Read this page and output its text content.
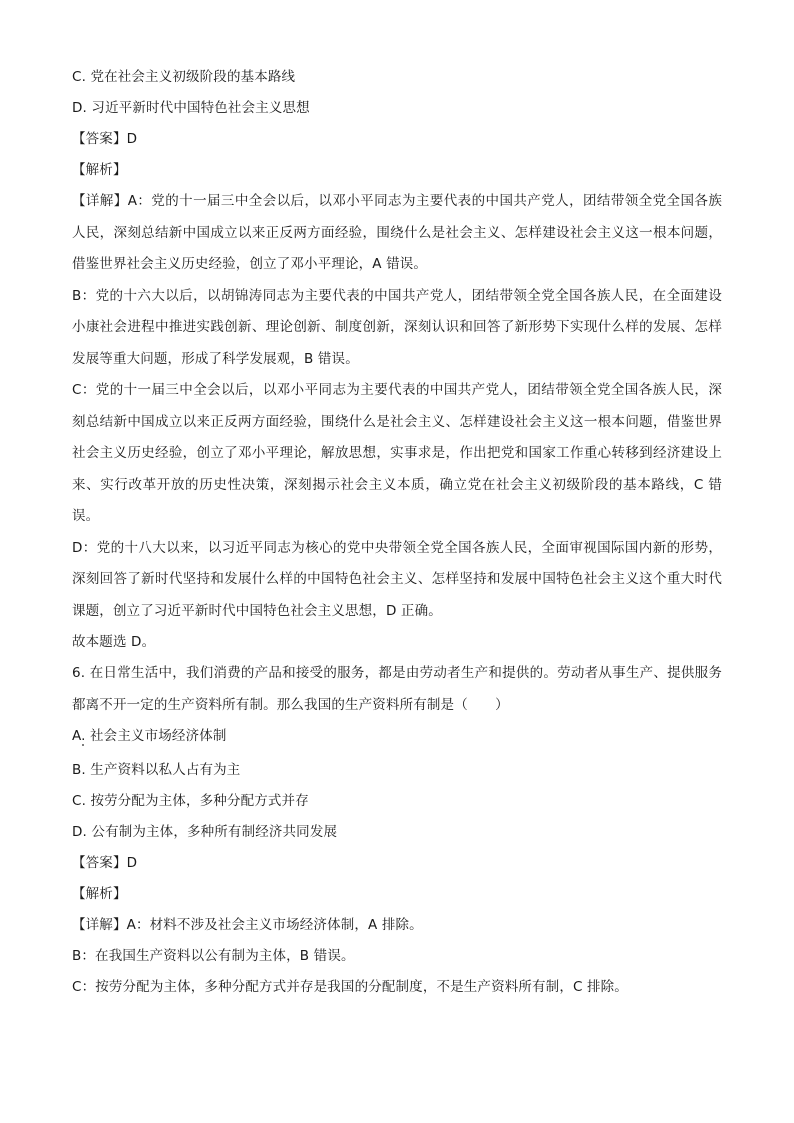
C. 党在社会主义初级阶段的基本路线
D. 习近平新时代中国特色社会主义思想
【答案】D
【解析】
【详解】A：党的十一届三中全会以后，以邓小平同志为主要代表的中国共产党人，团结带领全党全国各族人民，深刻总结新中国成立以来正反两方面经验，围绕什么是社会主义、怎样建设社会主义这一根本问题，借鉴世界社会主义历史经验，创立了邓小平理论，A 错误。
B：党的十六大以后，以胡锦涛同志为主要代表的中国共产党人，团结带领全党全国各族人民，在全面建设小康社会进程中推进实践创新、理论创新、制度创新，深刻认识和回答了新形势下实现什么样的发展、怎样发展等重大问题，形成了科学发展观，B 错误。
C：党的十一届三中全会以后，以邓小平同志为主要代表的中国共产党人，团结带领全党全国各族人民，深刻总结新中国成立以来正反两方面经验，围绕什么是社会主义、怎样建设社会主义这一根本问题，借鉴世界社会主义历史经验，创立了邓小平理论，解放思想，实事求是，作出把党和国家工作重心转移到经济建设上来、实行改革开放的历史性决策，深刻揭示社会主义本质，确立党在社会主义初级阶段的基本路线，C 错误。
D：党的十八大以来，以习近平同志为核心的党中央带领全党全国各族人民，全面审视国际国内新的形势，深刻回答了新时代坚持和发展什么样的中国特色社会主义、怎样坚持和发展中国特色社会主义这个重大时代课题，创立了习近平新时代中国特色社会主义思想，D 正确。
故本题选 D。
6. 在日常生活中，我们消费的产品和接受的服务，都是由劳动者生产和提供的。劳动者从事生产、提供服务都离不开一定的生产资料所有制。那么我国的生产资料所有制是（　　）
A. 社会主义市场经济体制
B. 生产资料以私人占有为主
C. 按劳分配为主体，多种分配方式并存
D. 公有制为主体，多种所有制经济共同发展
【答案】D
【解析】
【详解】A：材料不涉及社会主义市场经济体制，A 排除。
B：在我国生产资料以公有制为主体，B 错误。
C：按劳分配为主体，多种分配方式并存是我国的分配制度，不是生产资料所有制，C 排除。
